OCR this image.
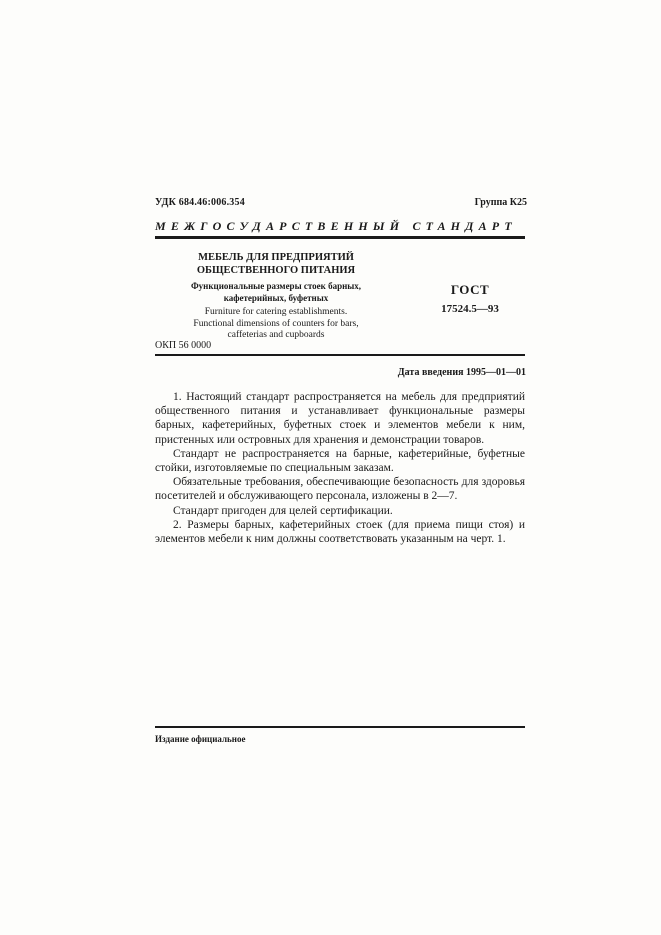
УДК 684.46:006.354	Группа К25
МЕЖГОСУДАРСТВЕННЫЙ СТАНДАРТ
МЕБЕЛЬ ДЛЯ ПРЕДПРИЯТИЙ
ОБЩЕСТВЕННОГО ПИТАНИЯ
Функциональные размеры стоек барных,
кафетерийных, буфетных
Furniture for catering establishments.
Functional dimensions of counters for bars,
caffeterias and cupboards
ГОСТ
17524.5—93
ОКП 56 0000
Дата введения 1995—01—01

1. Настоящий стандарт распространяется на мебель для предприятий общественного питания и устанавливает функциональные размеры барных, кафетерийных, буфетных стоек и элементов мебели к ним, пристенных или островных для хранения и демонстрации товаров.

Стандарт не распространяется на барные, кафетерийные, буфетные стойки, изготовляемые по специальным заказам.

Обязательные требования, обеспечивающие безопасность для здоровья посетителей и обслуживающего персонала, изложены в 2—7.

Стандарт пригоден для целей сертификации.

2. Размеры барных, кафетерийных стоек (для приема пищи стоя) и элементов мебели к ним должны соответствовать указанным на черт. 1.

Издание официальное
